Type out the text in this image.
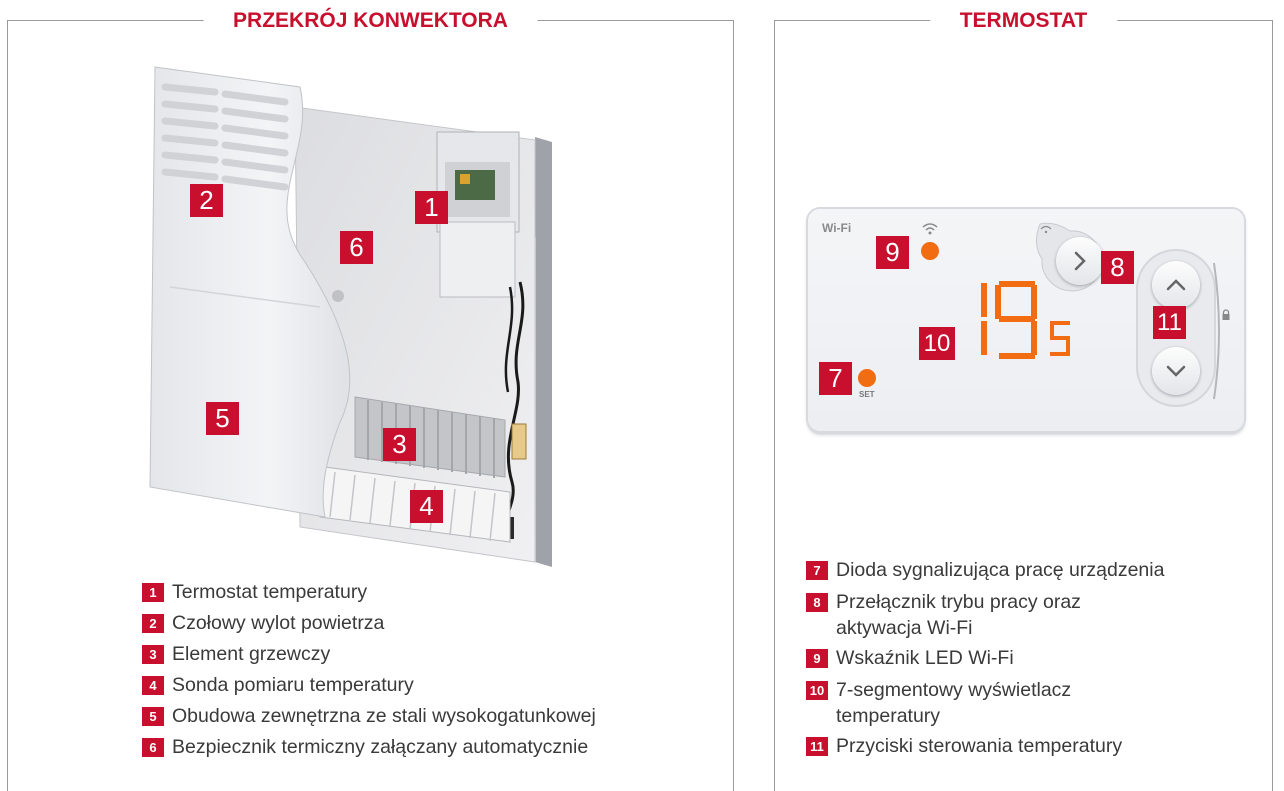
PRZEKRÓJ KONWEKTORA
1
2
3
4
5
6
1 Termostat temperatury
2 Czołowy wylot powietrza
3 Element grzewczy
4 Sonda pomiaru temperatury
5 Obudowa zewnętrzna ze stali wysokogatunkowej
6 Bezpiecznik termiczny załączany automatycznie
TERMOSTAT
Wi-Fi
SET
7
8
9
10
11
7 Dioda sygnalizująca pracę urządzenia
8 Przełącznik trybu pracy oraz aktywacja Wi-Fi
9 Wskaźnik LED Wi-Fi
10 7-segmentowy wyświetlacz temperatury
11 Przyciski sterowania temperatury
